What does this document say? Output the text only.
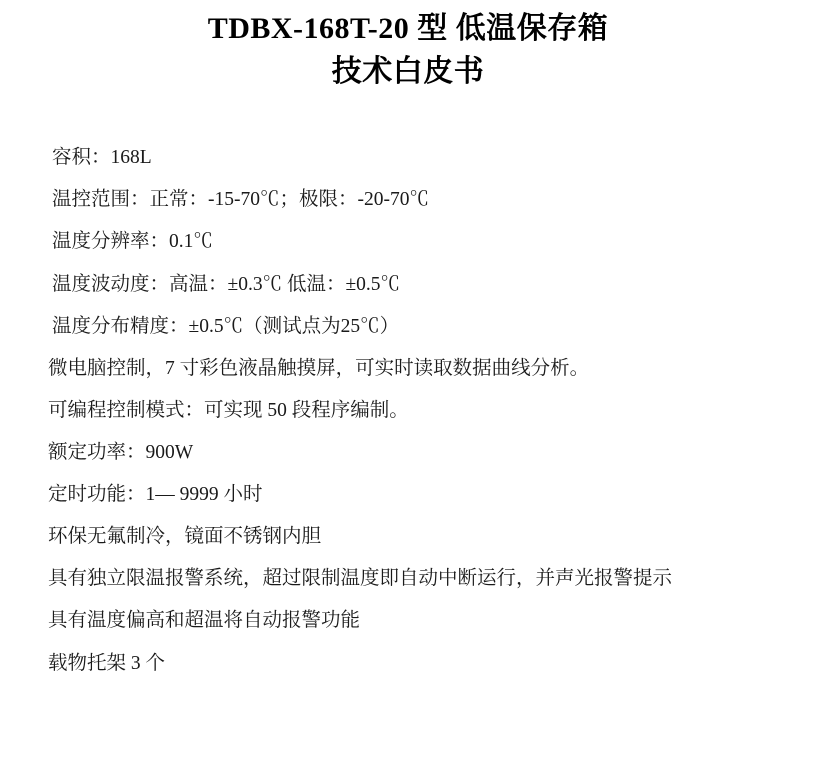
TDBX-168T-20 型 低温保存箱
技术白皮书
容积：168L
温控范围：正常：-15-70℃；极限：-20-70℃
温度分辨率：0.1℃
温度波动度：高温：±0.3℃ 低温：±0.5℃
温度分布精度：±0.5℃（测试点为25℃）
微电脑控制，7 寸彩色液晶触摸屏，可实时读取数据曲线分析。
可编程控制模式：可实现 50 段程序编制。
额定功率：900W
定时功能：1— 9999 小时
环保无氟制冷，镜面不锈钢内胆
具有独立限温报警系统，超过限制温度即自动中断运行，并声光报警提示
具有温度偏高和超温将自动报警功能
载物托架 3 个
